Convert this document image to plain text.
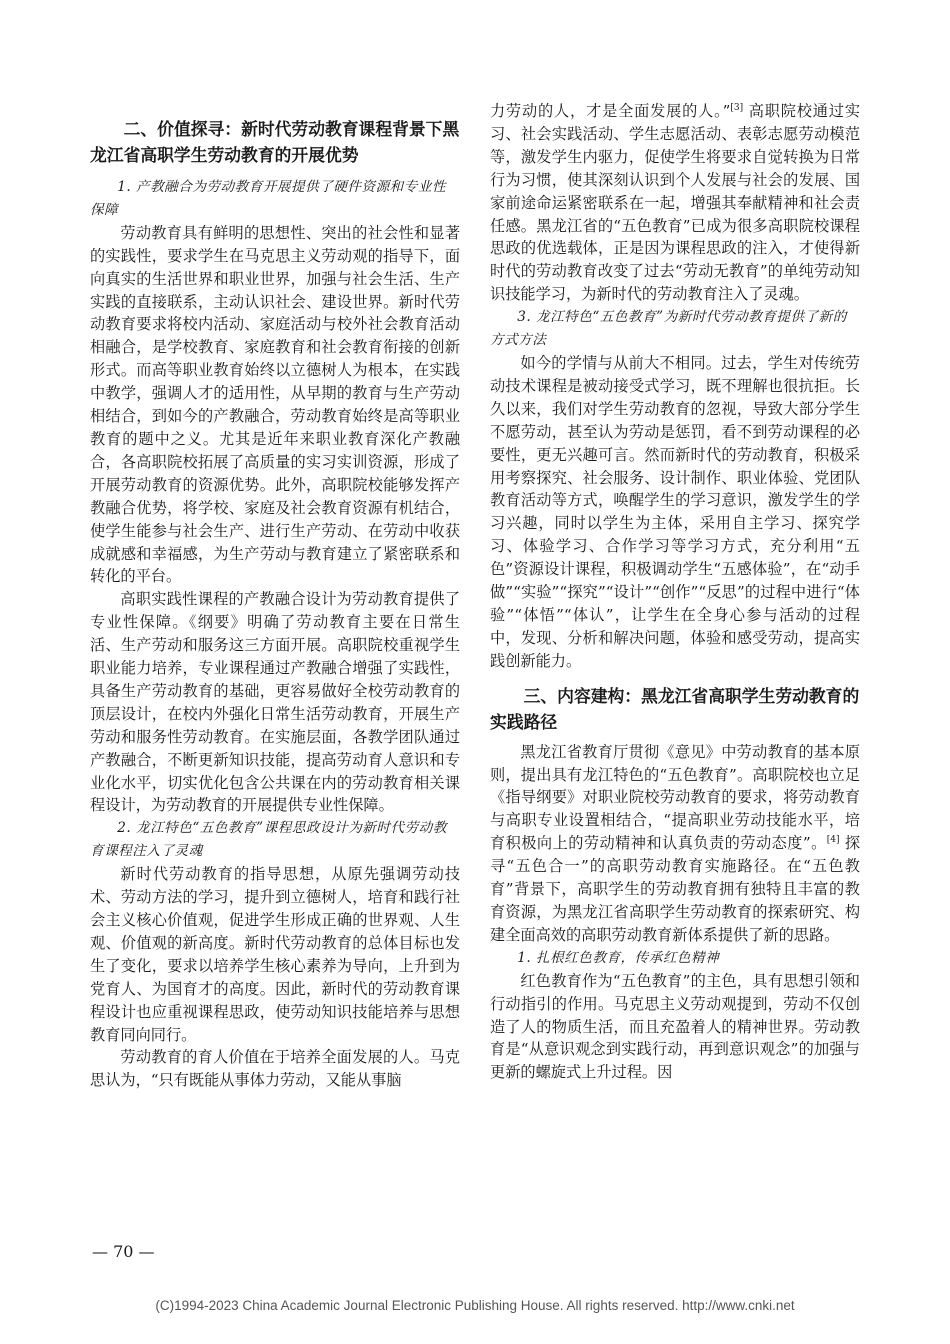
二、价值探寻：新时代劳动教育课程背景下黑龙江省高职学生劳动教育的开展优势

1. 产教融合为劳动教育开展提供了硬件资源和专业性保障

劳动教育具有鲜明的思想性、突出的社会性和显著的实践性，要求学生在马克思主义劳动观的指导下，面向真实的生活世界和职业世界，加强与社会生活、生产实践的直接联系，主动认识社会、建设世界。新时代劳动教育要求将校内活动、家庭活动与校外社会教育活动相融合，是学校教育、家庭教育和社会教育衔接的创新形式。而高等职业教育始终以立德树人为根本，在实践中教学，强调人才的适用性，从早期的教育与生产劳动相结合，到如今的产教融合，劳动教育始终是高等职业教育的题中之义。尤其是近年来职业教育深化产教融合，各高职院校拓展了高质量的实习实训资源，形成了开展劳动教育的资源优势。此外，高职院校能够发挥产教融合优势，将学校、家庭及社会教育资源有机结合，使学生能参与社会生产、进行生产劳动、在劳动中收获成就感和幸福感，为生产劳动与教育建立了紧密联系和转化的平台。

高职实践性课程的产教融合设计为劳动教育提供了专业性保障。《纲要》明确了劳动教育主要在日常生活、生产劳动和服务这三方面开展。高职院校重视学生职业能力培养，专业课程通过产教融合增强了实践性，具备生产劳动教育的基础，更容易做好全校劳动教育的顶层设计，在校内外强化日常生活劳动教育，开展生产劳动和服务性劳动教育。在实施层面，各教学团队通过产教融合，不断更新知识技能，提高劳动育人意识和专业化水平，切实优化包含公共课在内的劳动教育相关课程设计，为劳动教育的开展提供专业性保障。

2. 龙江特色“五色教育”课程思政设计为新时代劳动教育课程注入了灵魂

新时代劳动教育的指导思想，从原先强调劳动技术、劳动方法的学习，提升到立德树人，培育和践行社会主义核心价值观，促进学生形成正确的世界观、人生观、价值观的新高度。新时代劳动教育的总体目标也发生了变化，要求以培养学生核心素养为导向，上升到为党育人、为国育才的高度。因此，新时代的劳动教育课程设计也应重视课程思政，使劳动知识技能培养与思想教育同向同行。

劳动教育的育人价值在于培养全面发展的人。马克思认为，“只有既能从事体力劳动，又能从事脑

力劳动的人，才是全面发展的人。”[3] 高职院校通过实习、社会实践活动、学生志愿活动、表彰志愿劳动模范等，激发学生内驱力，促使学生将要求自觉转换为日常行为习惯，使其深刻认识到个人发展与社会的发展、国家前途命运紧密联系在一起，增强其奉献精神和社会责任感。黑龙江省的“五色教育”已成为很多高职院校课程思政的优选载体，正是因为课程思政的注入，才使得新时代的劳动教育改变了过去“劳动无教育”的单纯劳动知识技能学习，为新时代的劳动教育注入了灵魂。

3. 龙江特色“五色教育”为新时代劳动教育提供了新的方式方法

如今的学情与从前大不相同。过去，学生对传统劳动技术课程是被动接受式学习，既不理解也很抗拒。长久以来，我们对学生劳动教育的忽视，导致大部分学生不愿劳动，甚至认为劳动是惩罚，看不到劳动课程的必要性，更无兴趣可言。然而新时代的劳动教育，积极采用考察探究、社会服务、设计制作、职业体验、党团队教育活动等方式，唤醒学生的学习意识，激发学生的学习兴趣，同时以学生为主体，采用自主学习、探究学习、体验学习、合作学习等学习方式，充分利用“五色”资源设计课程，积极调动学生“五感体验”，在“动手做”“实验”“探究”“设计”“创作”“反思”的过程中进行“体验”“体悟”“体认”，让学生在全身心参与活动的过程中，发现、分析和解决问题，体验和感受劳动，提高实践创新能力。

三、内容建构：黑龙江省高职学生劳动教育的实践路径

黑龙江省教育厅贯彻《意见》中劳动教育的基本原则，提出具有龙江特色的“五色教育”。高职院校也立足《指导纲要》对职业院校劳动教育的要求，将劳动教育与高职专业设置相结合，“提高职业劳动技能水平，培育积极向上的劳动精神和认真负责的劳动态度”。[4] 探寻“五色合一”的高职劳动教育实施路径。在“五色教育”背景下，高职学生的劳动教育拥有独特且丰富的教育资源，为黑龙江省高职学生劳动教育的探索研究、构建全面高效的高职劳动教育新体系提供了新的思路。

1. 扎根红色教育，传承红色精神

红色教育作为“五色教育”的主色，具有思想引领和行动指引的作用。马克思主义劳动观提到，劳动不仅创造了人的物质生活，而且充盈着人的精神世界。劳动教育是“从意识观念到实践行动，再到意识观念”的加强与更新的螺旋式上升过程。因

— 70 —
(C)1994-2023 China Academic Journal Electronic Publishing House. All rights reserved. http://www.cnki.net
